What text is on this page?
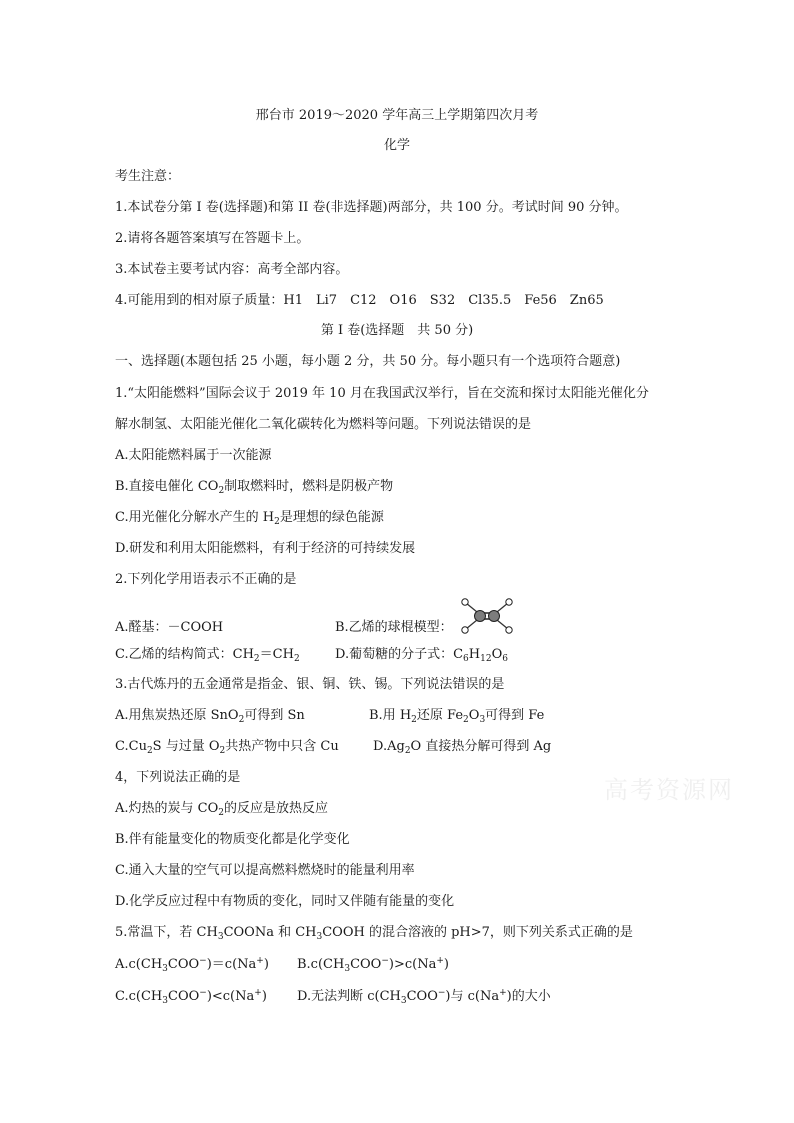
邢台市 2019～2020 学年高三上学期第四次月考
化学
考生注意：
1.本试卷分第 I 卷(选择题)和第 II 卷(非选择题)两部分，共 100 分。考试时间 90 分钟。
2.请将各题答案填写在答题卡上。
3.本试卷主要考试内容：高考全部内容。
4.可能用到的相对原子质量：H1　Li7　C12　O16　S32　Cl35.5　Fe56　Zn65
第 I 卷(选择题　共 50 分)
一、选择题(本题包括 25 小题，每小题 2 分，共 50 分。每小题只有一个选项符合题意)
1.“太阳能燃料”国际会议于 2019 年 10 月在我国武汉举行，旨在交流和探讨太阳能光催化分
解水制氢、太阳能光催化二氧化碳转化为燃料等问题。下列说法错误的是
A.太阳能燃料属于一次能源
B.直接电催化 $CO_2$制取燃料时，燃料是阴极产物
C.用光催化分解水产生的 $H_2$是理想的绿色能源
D.研发和利用太阳能燃料，有利于经济的可持续发展
2.下列化学用语表示不正确的是
A.醛基：－COOH	B.乙烯的球棍模型：
C.乙烯的结构简式：$CH_2=CH_2$	D.葡萄糖的分子式：$C_6H_{12}O_6$
3.古代炼丹的五金通常是指金、银、铜、铁、锡。下列说法错误的是
A.用焦炭热还原 SnO$_2$可得到 Sn	B.用 $H_2$还原 $Fe_2O_3$可得到 Fe
$C.Cu_2S$ 与过量 $O_2$共热产物中只含 Cu	$D.Ag_2O$ 直接热分解可得到 Ag
高考资源网
4，下列说法正确的是
A.灼热的炭与 $CO_2$的反应是放热反应
B.伴有能量变化的物质变化都是化学变化
C.通入大量的空气可以提高燃料燃烧时的能量利用率
D.化学反应过程中有物质的变化，同时又伴随有能量的变化
5.常温下，若 $CH_3COONa$ 和 $CH_3COOH$ 的混合溶液的 pH>7，则下列关系式正确的是
$A.c(CH_3COO^-)=c(Na^+)$ $B.c(CH_3COO^-)>c(Na^+)$
$C.c(CH_3COO^-)<c(Na^+)$ D.无法判断 $c(CH_3COO^-)$与 c(Na+)的大小
